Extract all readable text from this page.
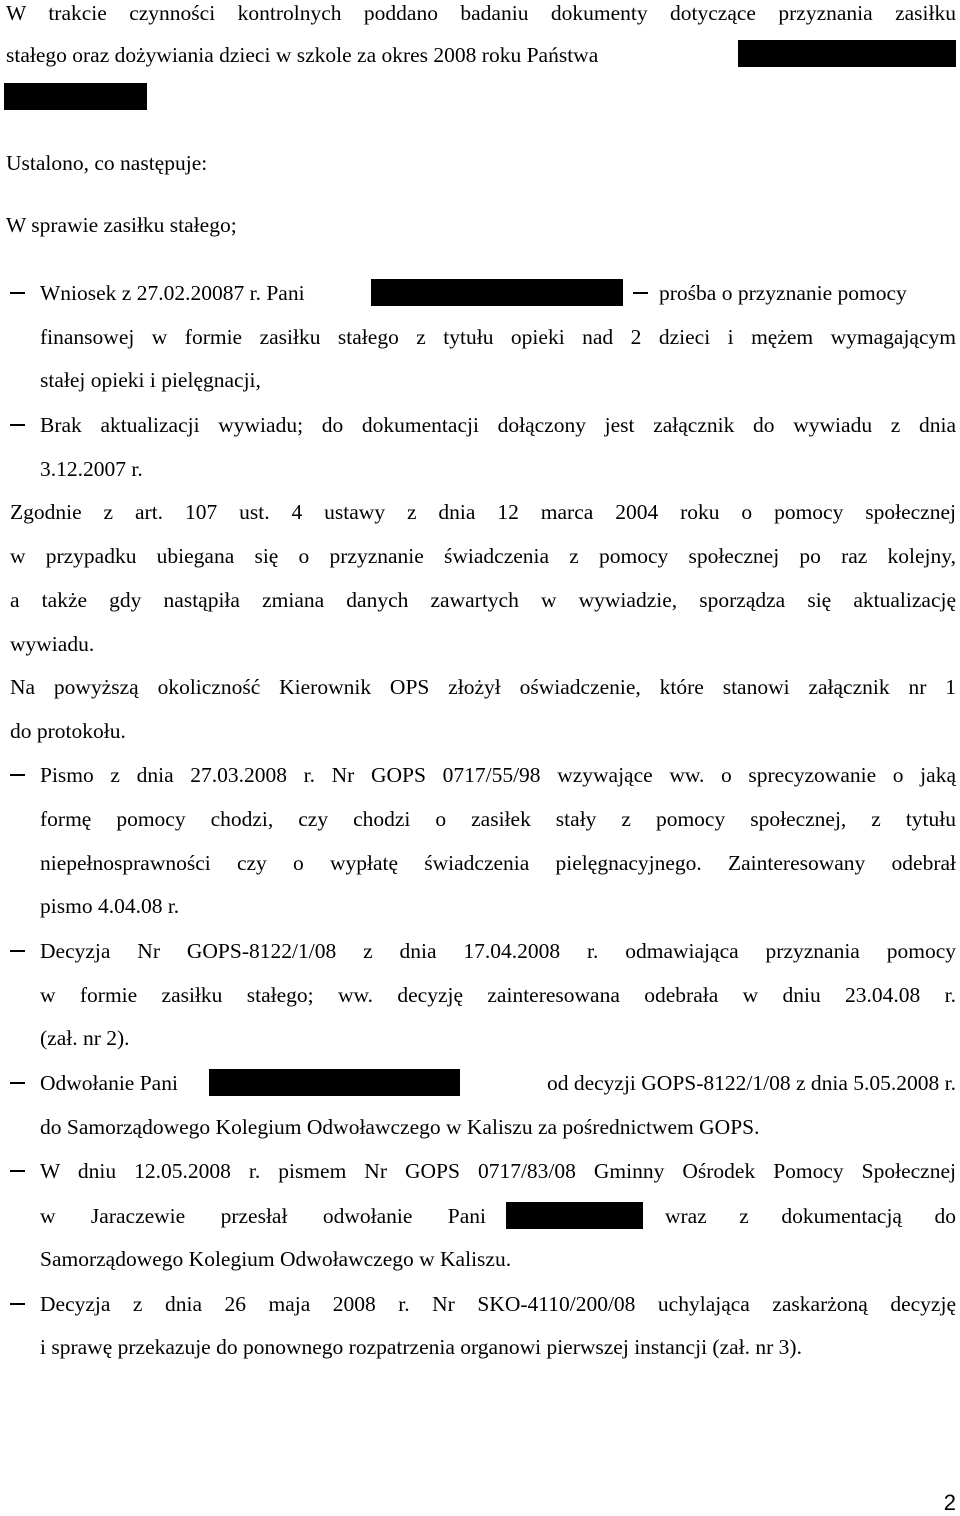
W trakcie czynności kontrolnych poddano badaniu dokumenty dotyczące przyznania zasiłku
stałego oraz dożywiania dzieci w szkole za okres 2008 roku Państwa
Ustalono, co następuje:
W sprawie zasiłku stałego;
Wniosek z 27.02.20087 r. Pani	prośba o przyznanie pomocy
finansowej w formie zasiłku stałego z tytułu opieki nad 2 dzieci i mężem wymagającym
stałej opieki i pielęgnacji,
Brak aktualizacji wywiadu; do dokumentacji dołączony jest załącznik do wywiadu z dnia
3.12.2007 r.
Zgodnie z art. 107 ust. 4 ustawy z dnia 12 marca 2004 roku o pomocy społecznej
w przypadku ubiegana się o przyznanie świadczenia z pomocy społecznej po raz kolejny,
a także gdy nastąpiła zmiana danych zawartych w wywiadzie, sporządza się aktualizację
wywiadu.
Na powyższą okoliczność Kierownik OPS złożył oświadczenie, które stanowi załącznik nr 1
do protokołu.
Pismo z dnia 27.03.2008 r. Nr GOPS 0717/55/98 wzywające ww. o sprecyzowanie o jaką
formę pomocy chodzi, czy chodzi o zasiłek stały z pomocy społecznej, z tytułu
niepełnosprawności czy o wypłatę świadczenia pielęgnacyjnego. Zainteresowany odebrał
pismo 4.04.08 r.
Decyzja Nr GOPS-8122/1/08 z dnia 17.04.2008 r. odmawiająca przyznania pomocy
w formie zasiłku stałego; ww. decyzję zainteresowana odebrała w dniu 23.04.08 r.
(zał. nr 2).
Odwołanie Pani	od decyzji GOPS-8122/1/08 z dnia 5.05.2008 r.
do Samorządowego Kolegium Odwoławczego w Kaliszu za pośrednictwem GOPS.
W dniu 12.05.2008 r. pismem Nr GOPS 0717/83/08 Gminny Ośrodek Pomocy Społecznej
w Jaraczewie przesłał odwołanie Pani	wraz z dokumentacją do
Samorządowego Kolegium Odwoławczego w Kaliszu.
Decyzja z dnia 26 maja 2008 r. Nr SKO-4110/200/08 uchylająca zaskarżoną decyzję
i sprawę przekazuje do ponownego rozpatrzenia organowi pierwszej instancji (zał. nr 3).
2
